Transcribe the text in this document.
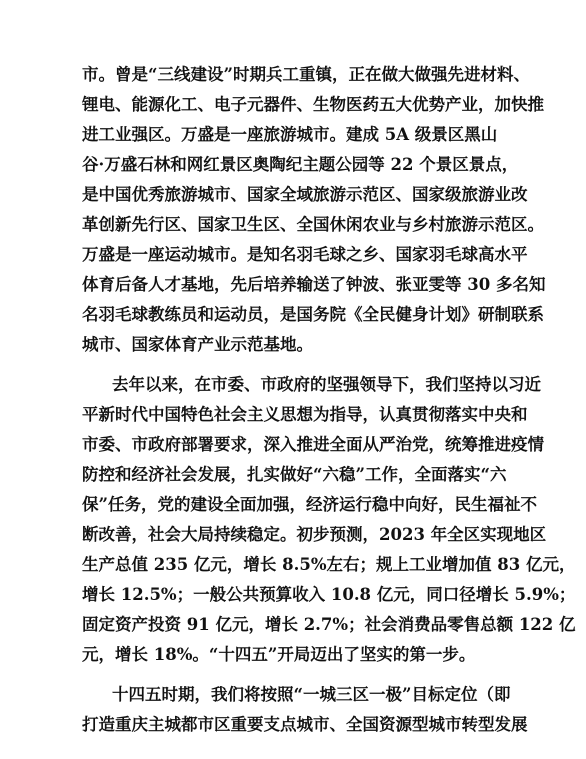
市。曾是“三线建设”时期兵工重镇，正在做大做强先进材料、
锂电、能源化工、电子元器件、生物医药五大优势产业，加快推
进工业强区。万盛是一座旅游城市。建成 5A 级景区黑山
谷·万盛石林和网红景区奥陶纪主题公园等 22 个景区景点，
是中国优秀旅游城市、国家全域旅游示范区、国家级旅游业改
革创新先行区、国家卫生区、全国休闲农业与乡村旅游示范区。
万盛是一座运动城市。是知名羽毛球之乡、国家羽毛球高水平
体育后备人才基地，先后培养输送了钟波、张亚雯等 30 多名知
名羽毛球教练员和运动员，是国务院《全民健身计划》研制联系
城市、国家体育产业示范基地。
去年以来，在市委、市政府的坚强领导下，我们坚持以习近
平新时代中国特色社会主义思想为指导，认真贯彻落实中央和
市委、市政府部署要求，深入推进全面从严治党，统筹推进疫情
防控和经济社会发展，扎实做好“六稳”工作，全面落实“六
保”任务，党的建设全面加强，经济运行稳中向好，民生福祉不
断改善，社会大局持续稳定。初步预测，2023 年全区实现地区
生产总值 235 亿元，增长 8.5%左右；规上工业增加值 83 亿元，
增长 12.5%；一般公共预算收入 10.8 亿元，同口径增长 5.9%；
固定资产投资 91 亿元，增长 2.7%；社会消费品零售总额 122 亿
元，增长 18%。“十四五”开局迈出了坚实的第一步。
十四五时期，我们将按照“一城三区一极”目标定位（即
打造重庆主城都市区重要支点城市、全国资源型城市转型发展
